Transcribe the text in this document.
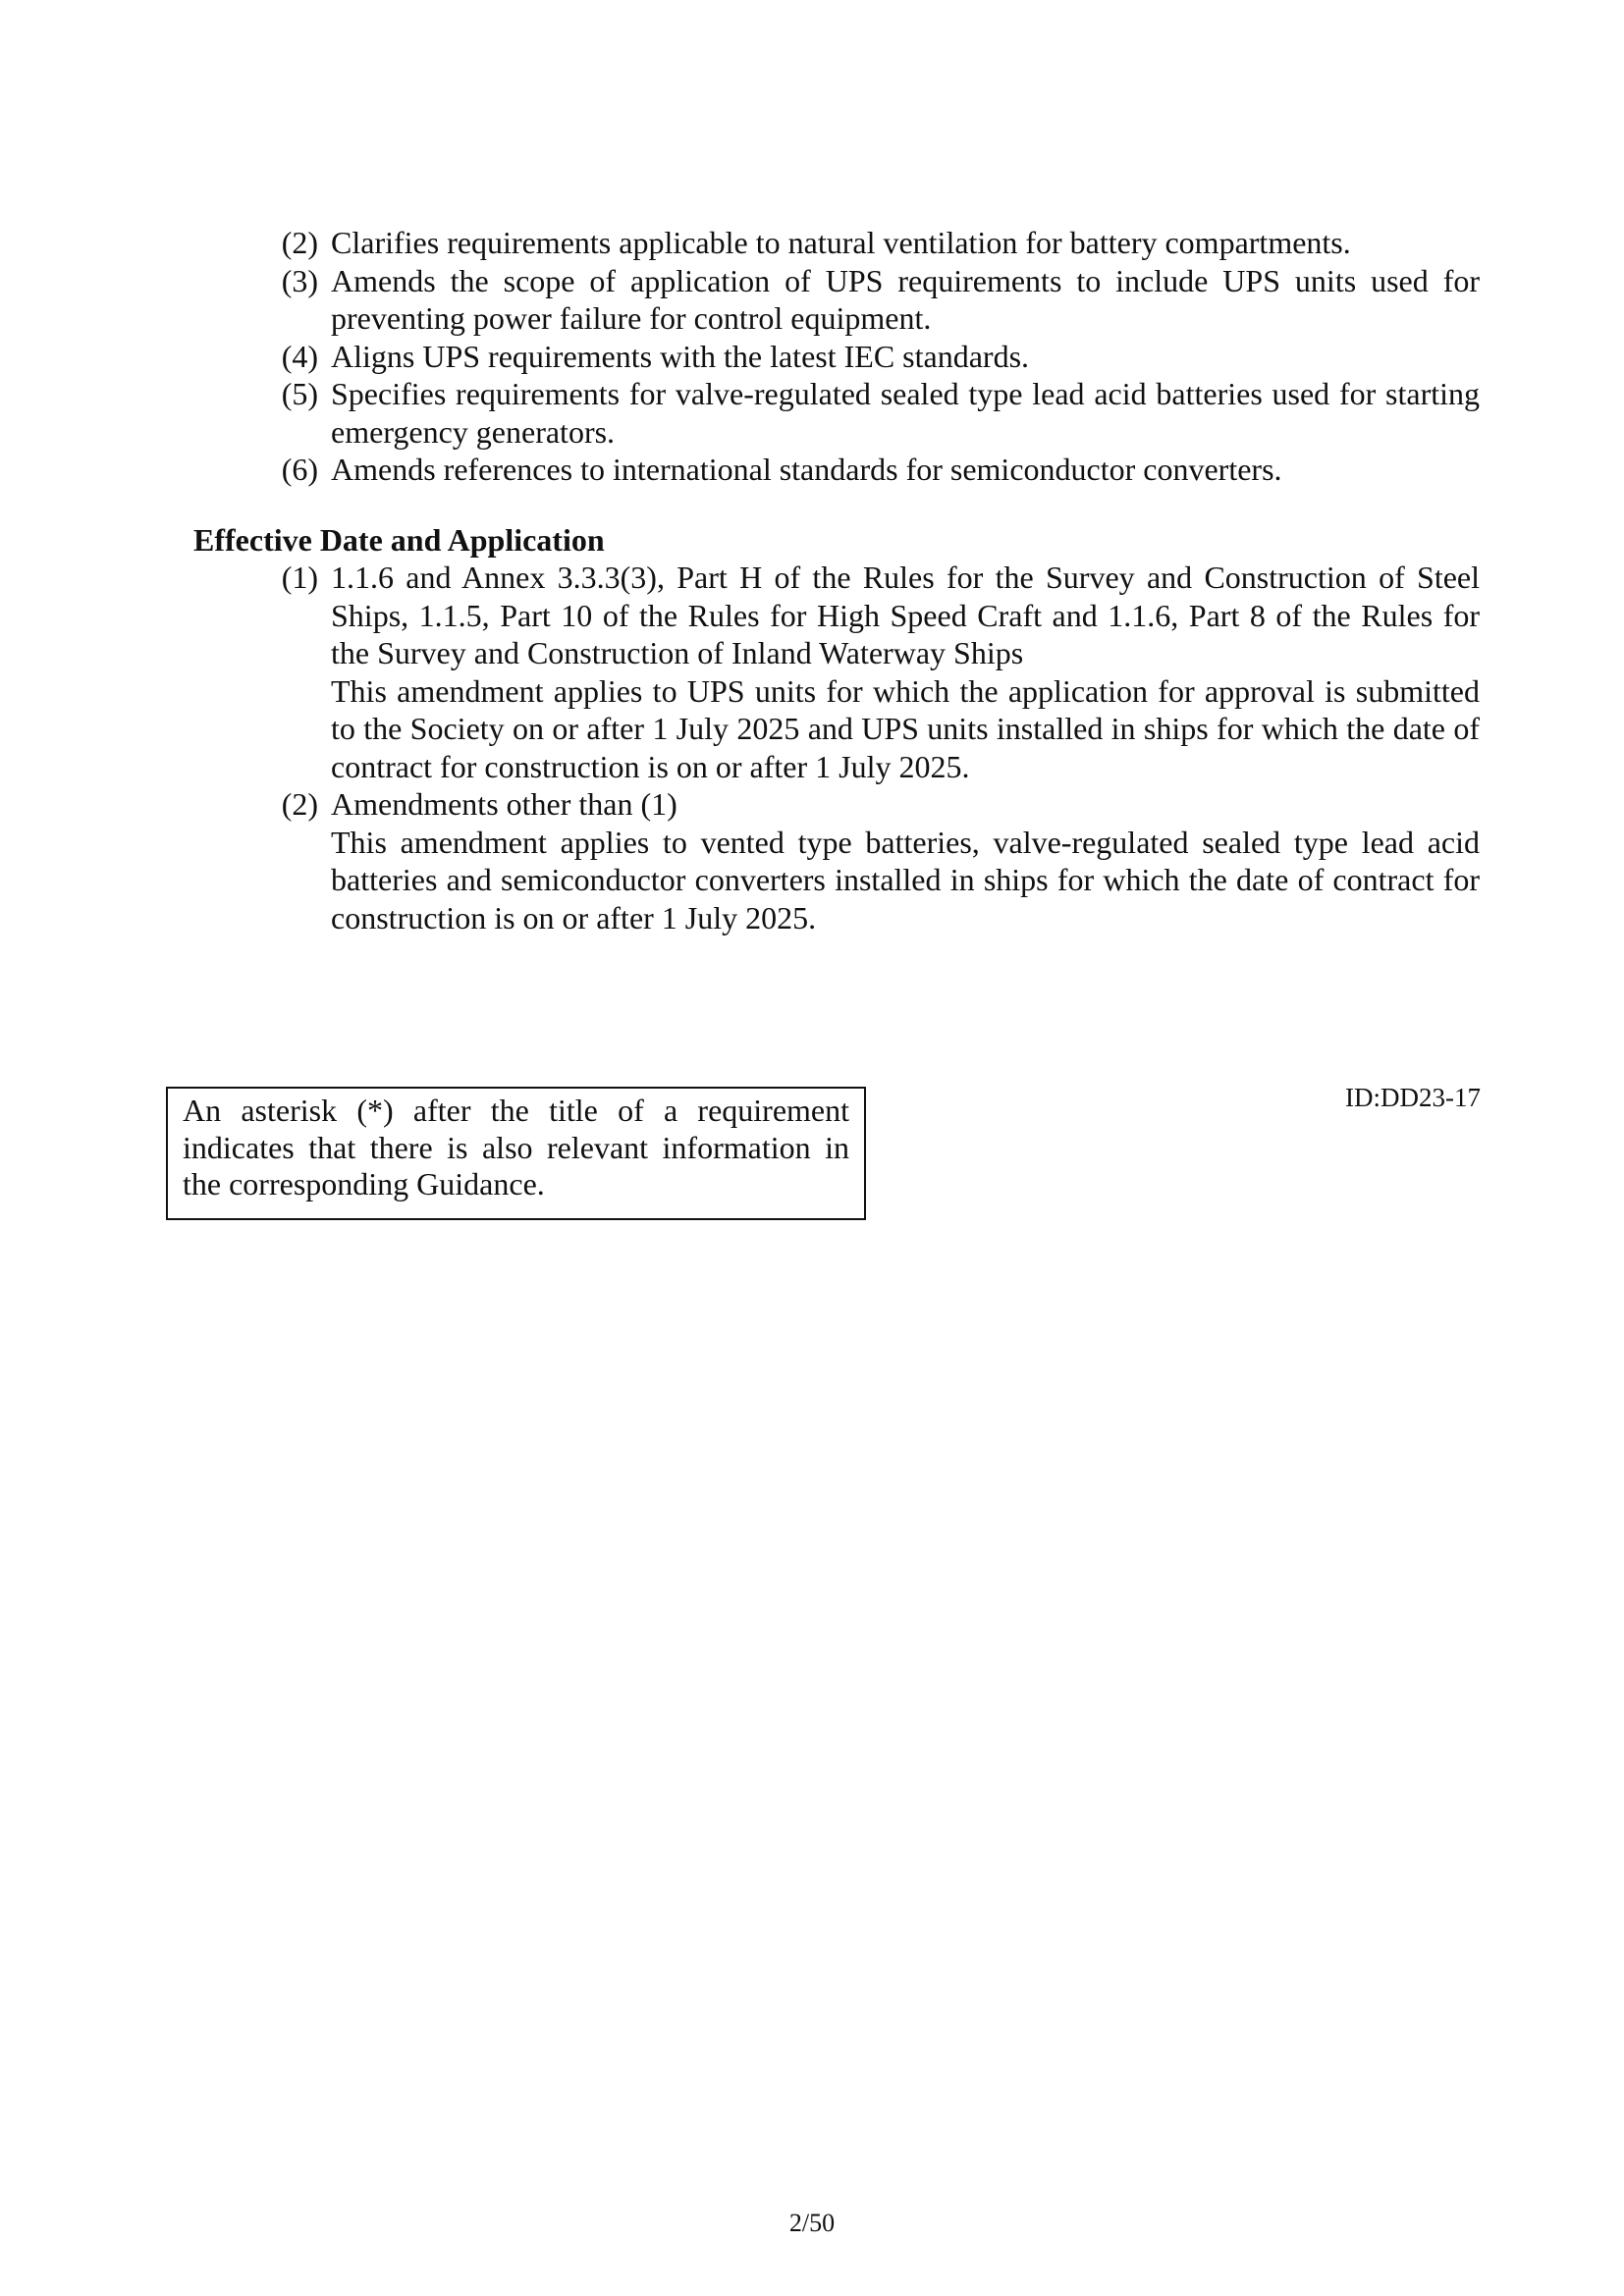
(2) Clarifies requirements applicable to natural ventilation for battery compartments.
(3) Amends the scope of application of UPS requirements to include UPS units used for preventing power failure for control equipment.
(4) Aligns UPS requirements with the latest IEC standards.
(5) Specifies requirements for valve-regulated sealed type lead acid batteries used for starting emergency generators.
(6) Amends references to international standards for semiconductor converters.
Effective Date and Application
(1) 1.1.6 and Annex 3.3.3(3), Part H of the Rules for the Survey and Construction of Steel Ships, 1.1.5, Part 10 of the Rules for High Speed Craft and 1.1.6, Part 8 of the Rules for the Survey and Construction of Inland Waterway Ships

This amendment applies to UPS units for which the application for approval is submitted to the Society on or after 1 July 2025 and UPS units installed in ships for which the date of contract for construction is on or after 1 July 2025.

(2) Amendments other than (1)

This amendment applies to vented type batteries, valve-regulated sealed type lead acid batteries and semiconductor converters installed in ships for which the date of contract for construction is on or after 1 July 2025.

An asterisk (*) after the title of a requirement indicates that there is also relevant information in the corresponding Guidance.
ID:DD23-17
2/50
